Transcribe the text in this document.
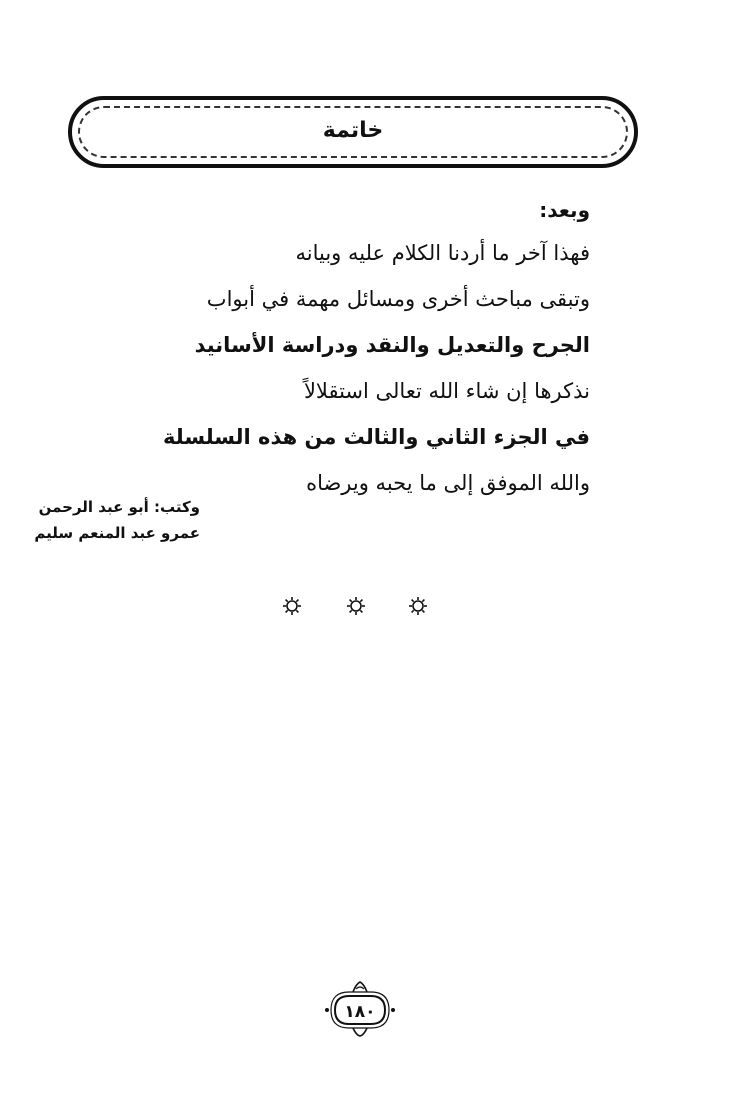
خاتمة
وبعد:
فهذا آخر ما أردنا الكلام عليه وبيانه
وتبقى مباحث أخرى ومسائل مهمة في أبواب
الجرح والتعديل والنقد ودراسة الأسانيد
نذكرها إن شاء الله تعالى استقلالاً
في الجزء الثاني والثالث من هذه السلسلة
والله الموفق إلى ما يحبه ويرضاه
وكتب: أبو عبد الرحمن
عمرو عبد المنعم سليم
١٨٠
